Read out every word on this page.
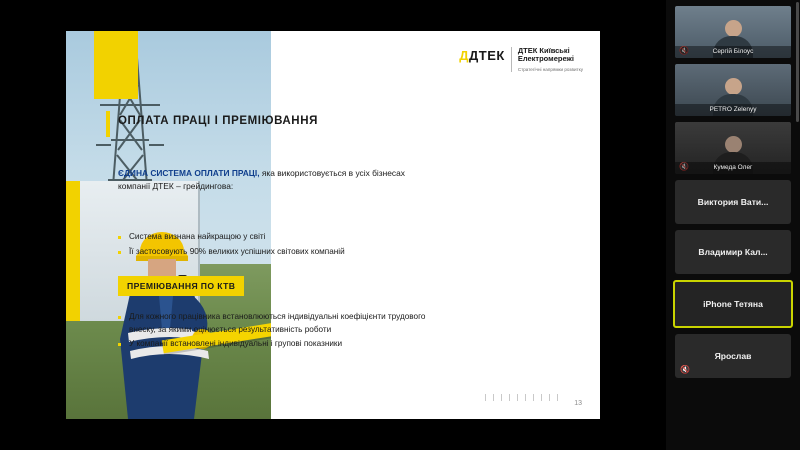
ДДТЕК ДТЕК Київські
Електромережі
Стратегічні напрямки розвитку
ОПЛАТА ПРАЦІ І ПРЕМІЮВАННЯ
ЄДИНА СИСТЕМА ОПЛАТИ ПРАЦІ, яка використовується в усіх бізнесах компанії ДТЕК – грейдингова:
Система визнана найкращою у світі
Її застосовують 90% великих успішних світових компаній
ПРЕМІЮВАННЯ ПО КТВ
Для кожного працівника встановлюються індивідуальні коефіцієнти трудового внеску, за якими оцінюється результативність роботи
У компанії встановлені індивідуальні і групові показники
13
🔇	Сергій Білоус
PETRO Zelenyy
🔇	Кумеда Олег
Виктория Вати...
Владимир Кал...
iPhone Тетяна
Ярослав
🔇
